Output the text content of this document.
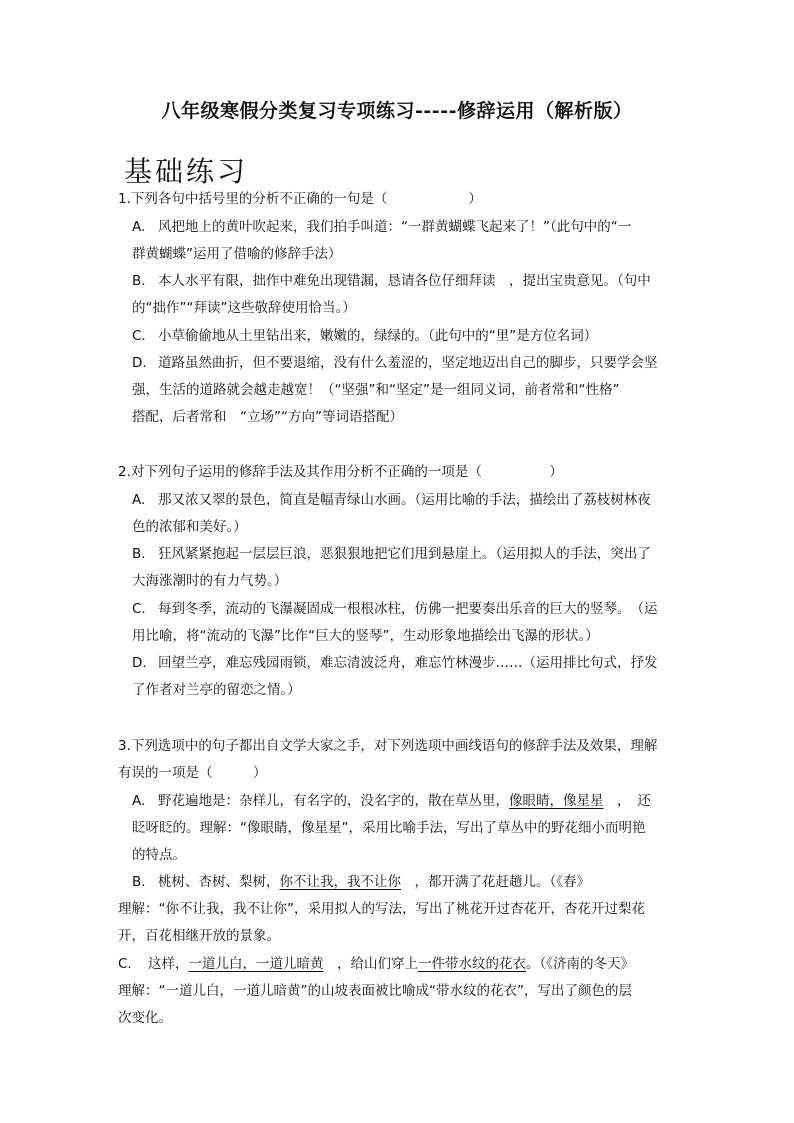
八年级寒假分类复习专项练习-----修辞运用（解析版）
基础练习
1.下列各句中括号里的分析不正确的一句是（　　　　　　）
A. 风把地上的黄叶吹起来，我们拍手叫道：“一群黄蝴蝶飞起来了！”（此句中的“一
群黄蝴蝶”运用了借喻的修辞手法）
B. 本人水平有限，拙作中难免出现错漏，恳请各位仔细拜读　，提出宝贵意见。（句中
的“拙作”“拜读”这些敬辞使用恰当。）
C. 小草偷偷地从土里钻出来，嫩嫩的，绿绿的。（此句中的“里”是方位名词）
D. 道路虽然曲折，但不要退缩，没有什么羞涩的，坚定地迈出自己的脚步，只要学会坚
强，生活的道路就会越走越宽！（“坚强”和“坚定”是一组同义词，前者常和“性格”
搭配，后者常和　“立场”“方向”等词语搭配）
2.对下列句子运用的修辞手法及其作用分析不正确的一项是（　　　　　）
A. 那又浓又翠的景色，简直是幅青绿山水画。（运用比喻的手法，描绘出了荔枝树林夜
色的浓郁和美好。）
B. 狂风紧紧抱起一层层巨浪，恶狠狠地把它们甩到悬崖上。（运用拟人的手法，突出了
大海涨潮时的有力气势。）
C. 每到冬季，流动的飞瀑凝固成一根根冰柱，仿佛一把要奏出乐音的巨大的竖琴。　（运
用比喻，将“流动的飞瀑”比作“巨大的竖琴”，生动形象地描绘出飞瀑的形状。）
D. 回望兰亭，难忘残园雨锁，难忘清波泛舟，难忘竹林漫步……（运用排比句式，抒发
了作者对兰亭的留恋之情。）
3.下列选项中的句子都出自文学大家之手，对下列选项中画线语句的修辞手法及效果，理解
有误的一项是（　　　）
A. 野花遍地是：杂样儿，有名字的，没名字的，散在草丛里，像眼睛，像星星　，　还
眨呀眨的。理解：“像眼睛，像星星”，采用比喻手法，写出了草丛中的野花细小而明艳
的特点。
B. 桃树、杏树、梨树，你不让我，我不让你　，都开满了花赶趟儿。（《春》
理解：“你不让我，我不让你”，采用拟人的写法，写出了桃花开过杏花开，杏花开过梨花
开，百花相继开放的景象。
C. 这样，一道儿白，一道儿暗黄　，给山们穿上一件带水纹的花衣。（《济南的冬天》
理解：“一道儿白，一道儿暗黄”的山坡表面被比喻成“带水纹的花衣”，写出了颜色的层
次变化。
